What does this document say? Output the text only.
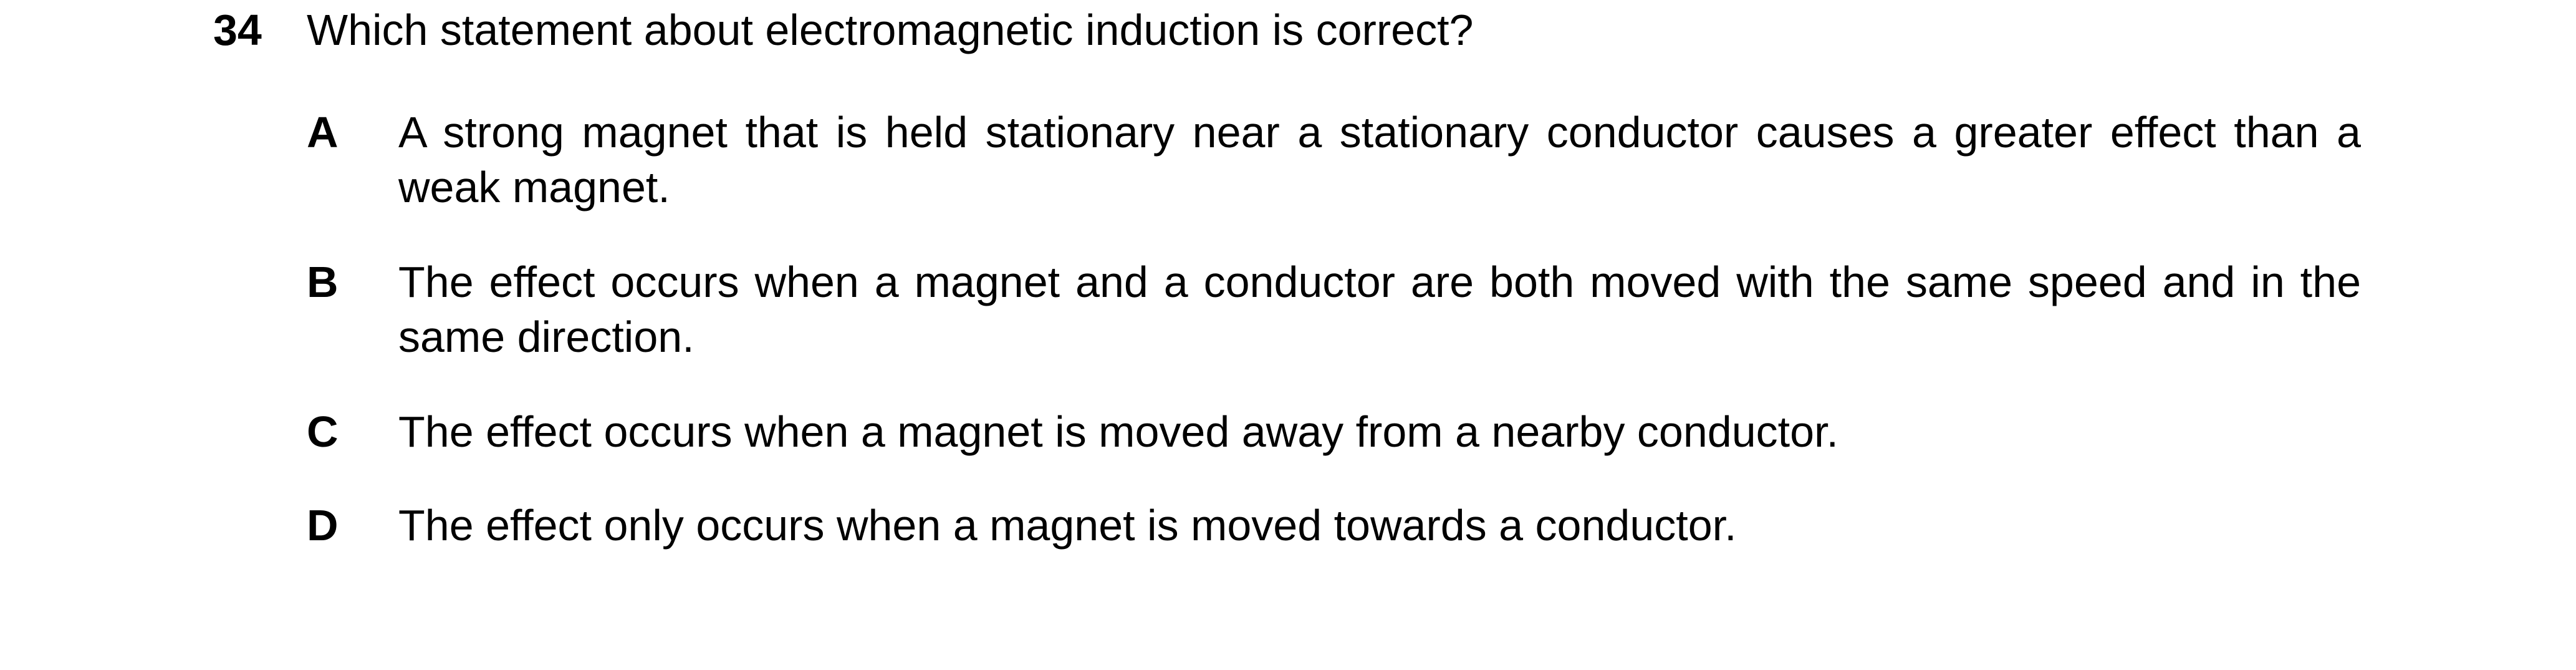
34 Which statement about electromagnetic induction is correct?
A A strong magnet that is held stationary near a stationary conductor causes a greater effect than a weak magnet.
B The effect occurs when a magnet and a conductor are both moved with the same speed and in the same direction.
C The effect occurs when a magnet is moved away from a nearby conductor.
D The effect only occurs when a magnet is moved towards a conductor.
